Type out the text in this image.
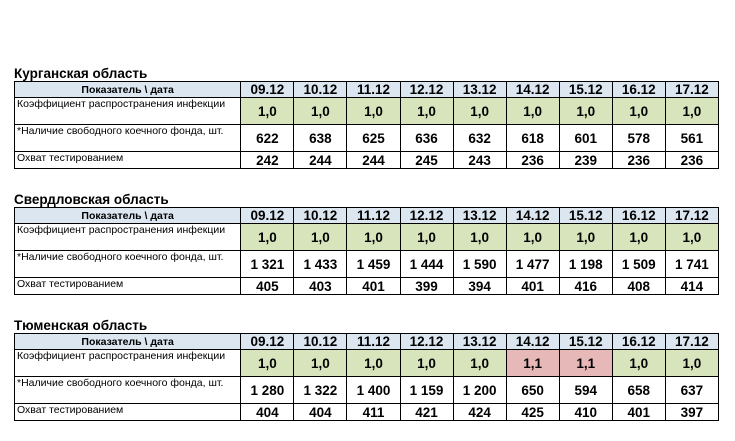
Курганская область
Показатель \ дата	09.12	10.12	11.12	12.12	13.12	14.12	15.12	16.12	17.12
Коэффициент распространения инфекции	1,0	1,0	1,0	1,0	1,0	1,0	1,0	1,0	1,0
*Наличие свободного коечного фонда, шт.	622	638	625	636	632	618	601	578	561
Охват тестированием	242	244	244	245	243	236	239	236	236
Свердловская область
Показатель \ дата	09.12	10.12	11.12	12.12	13.12	14.12	15.12	16.12	17.12
Коэффициент распространения инфекции	1,0	1,0	1,0	1,0	1,0	1,0	1,0	1,0	1,0
*Наличие свободного коечного фонда, шт.	1 321	1 433	1 459	1 444	1 590	1 477	1 198	1 509	1 741
Охват тестированием	405	403	401	399	394	401	416	408	414
Тюменская область
Показатель \ дата	09.12	10.12	11.12	12.12	13.12	14.12	15.12	16.12	17.12
Коэффициент распространения инфекции	1,0	1,0	1,0	1,0	1,0	1,1	1,1	1,0	1,0
*Наличие свободного коечного фонда, шт.	1 280	1 322	1 400	1 159	1 200	650	594	658	637
Охват тестированием	404	404	411	421	424	425	410	401	397
